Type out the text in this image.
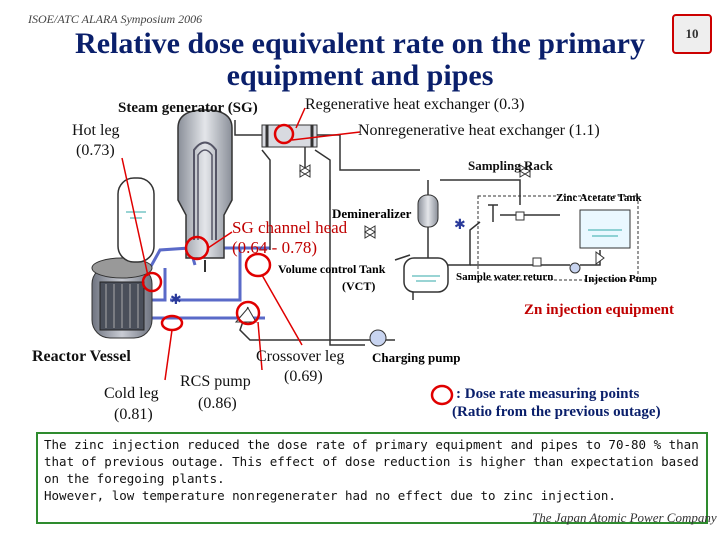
ISOE/ATC ALARA Symposium 2006
Relative dose equivalent rate on the primary equipment and pipes
10
✱
✱
Steam generator (SG)	Regenerative heat exchanger (0.3)
Nonregenerative heat exchanger (1.1)
Hot leg
(0.73)
Sampling Rack
Zinc Acetate Tank
Demineralizer
SG channel head
(0.64 - 0.78)
Volume control Tank
(VCT)
Sample water return	Injection Pump
Zn injection equipment
Reactor Vessel	Crossover leg
(0.69)
Charging pump
RCS pump
(0.86)
Cold leg
(0.81)
: Dose rate measuring points
(Ratio from the previous outage)
The zinc injection reduced the dose rate of primary equipment and pipes to 70-80 % than that of previous outage. This effect of dose reduction is higher than expectation based on the foregoing plants.
However, low temperature nonregenerater had no effect due to zinc injection.
The Japan Atomic Power Company
